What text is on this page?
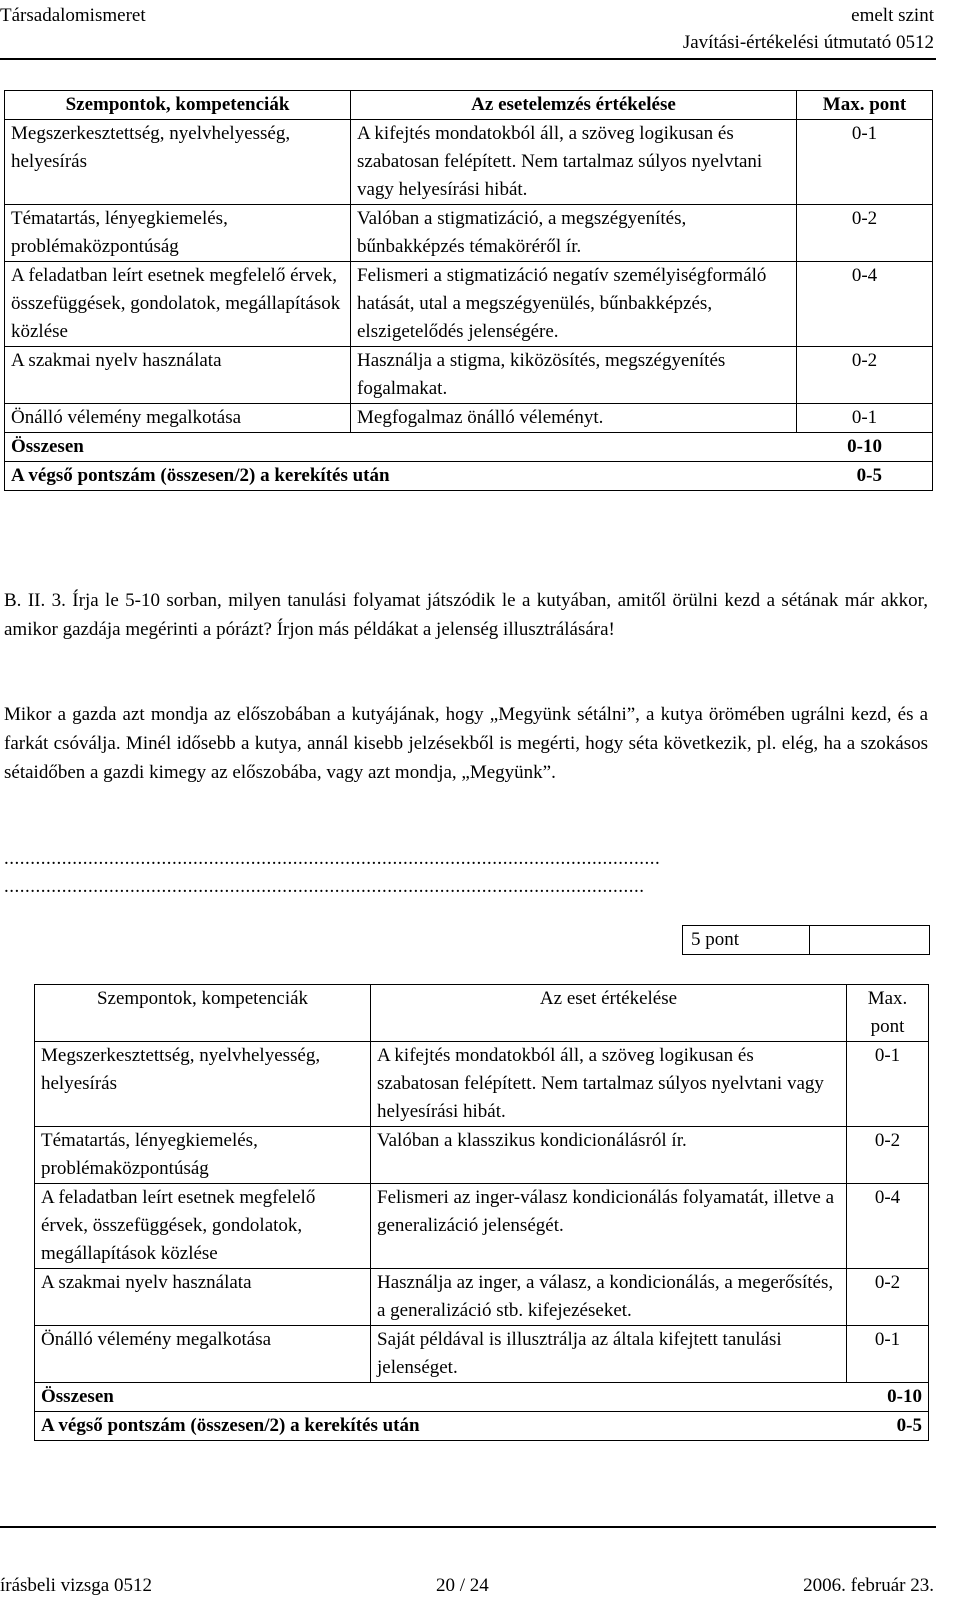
Társadalomismeret	emelt szint
Javítási-értékelési útmutató 0512
Szempontok, kompetenciák	Az esetelemzés értékelése	Max. pont
Megszerkesztettség, nyelvhelyesség, helyesírás	A kifejtés mondatokból áll, a szöveg logikusan és szabatosan felépített. Nem tartalmaz súlyos nyelvtani vagy helyesírási hibát.	0-1
Tématartás, lényegkiemelés, problémaközpontúság	Valóban a stigmatizáció, a megszégyenítés, bűnbakképzés témaköréről ír.	0-2
A feladatban leírt esetnek megfelelő érvek, összefüggések, gondolatok, megállapítások közlése	Felismeri a stigmatizáció negatív személyiségformáló hatását, utal a megszégyenülés, bűnbakképzés, elszigetelődés jelenségére.	0-4
A szakmai nyelv használata	Használja a stigma, kiközösítés, megszégyenítés fogalmakat.	0-2
Önálló vélemény megalkotása	Megfogalmaz önálló véleményt.	0-1

Összesen 0-10		

A végső pontszám (összesen/2) a kerekítés után 0-5		
B. II. 3. Írja le 5-10 sorban, milyen tanulási folyamat játszódik le a kutyában, amitől örülni kezd a sétának már akkor, amikor gazdája megérinti a pórázt? Írjon más példákat a jelenség illusztrálására!
Mikor a gazda azt mondja az előszobában a kutyájának, hogy „Megyünk sétálni”, a kutya örömében ugrálni kezd, és a farkát csóválja. Minél idősebb a kutya, annál kisebb jelzésekből is megérti, hogy séta következik, pl. elég, ha a szokásos sétaidőben a gazdi kimegy az előszobába, vagy azt mondja, „Megyünk”.
.............................................................................................................................
..........................................................................................................................
5 pont	
Szempontok, kompetenciák	Az eset értékelése	Max. pont
Megszerkesztettség, nyelvhelyesség, helyesírás	A kifejtés mondatokból áll, a szöveg logikusan és szabatosan felépített. Nem tartalmaz súlyos nyelvtani vagy helyesírási hibát.	0-1
Tématartás, lényegkiemelés, problémaközpontúság	Valóban a klasszikus kondicionálásról ír.	0-2
A feladatban leírt esetnek megfelelő érvek, összefüggések, gondolatok, megállapítások közlése	Felismeri az inger-válasz kondicionálás folyamatát, illetve a generalizáció jelenségét.	0-4
A szakmai nyelv használata	Használja az inger, a válasz, a kondicionálás, a megerősítés, a generalizáció stb. kifejezéseket.	0-2
Önálló vélemény megalkotása	Saját példával is illusztrálja az általa kifejtett tanulási jelenséget.	0-1

Összesen 0-10		

A végső pontszám (összesen/2) a kerekítés után 0-5		
írásbeli vizsga 0512	20 / 24	2006. február 23.
